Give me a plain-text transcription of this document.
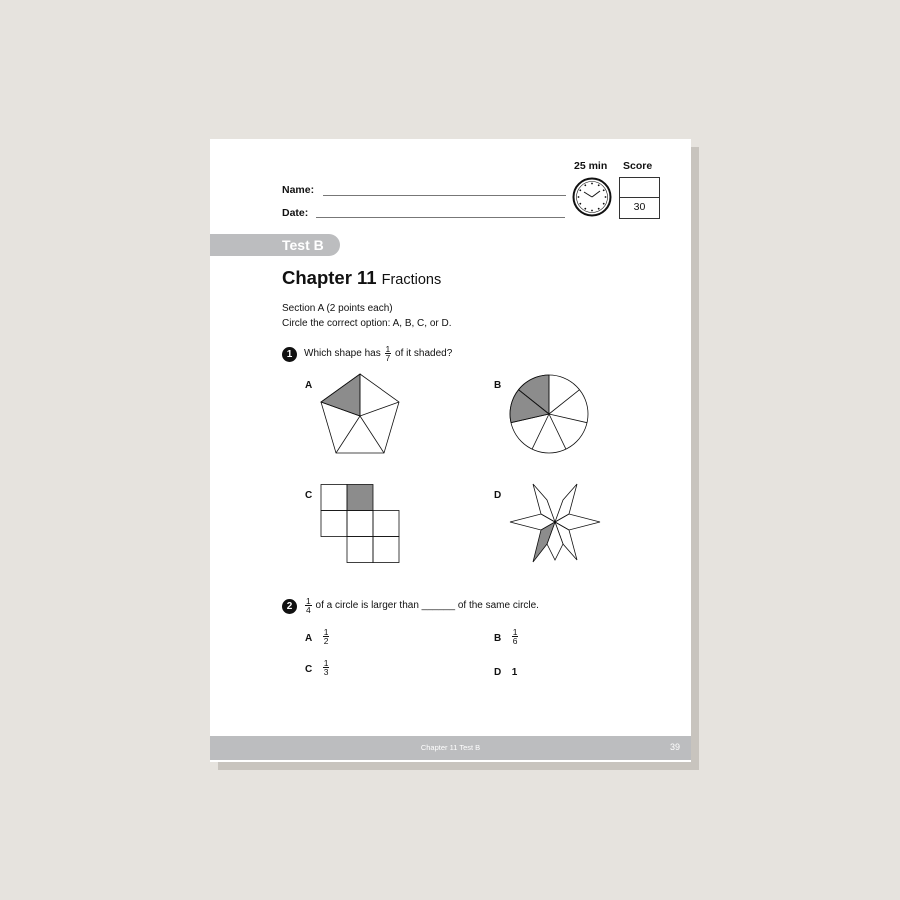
Name:
Date:
25 min Score
30
Test B
Chapter 11 Fractions
Section A (2 points each)
Circle the correct option: A, B, C, or D.
1	Which shape has $\frac{1}{7}$ of it shaded?
A	B
C	D
2	$\frac{1}{4}$ of a circle is larger than ______ of the same circle.
A $\frac{1}{2}$	B $\frac{1}{6}$
C $\frac{1}{3}$	D 1
Chapter 11 Test B	39
